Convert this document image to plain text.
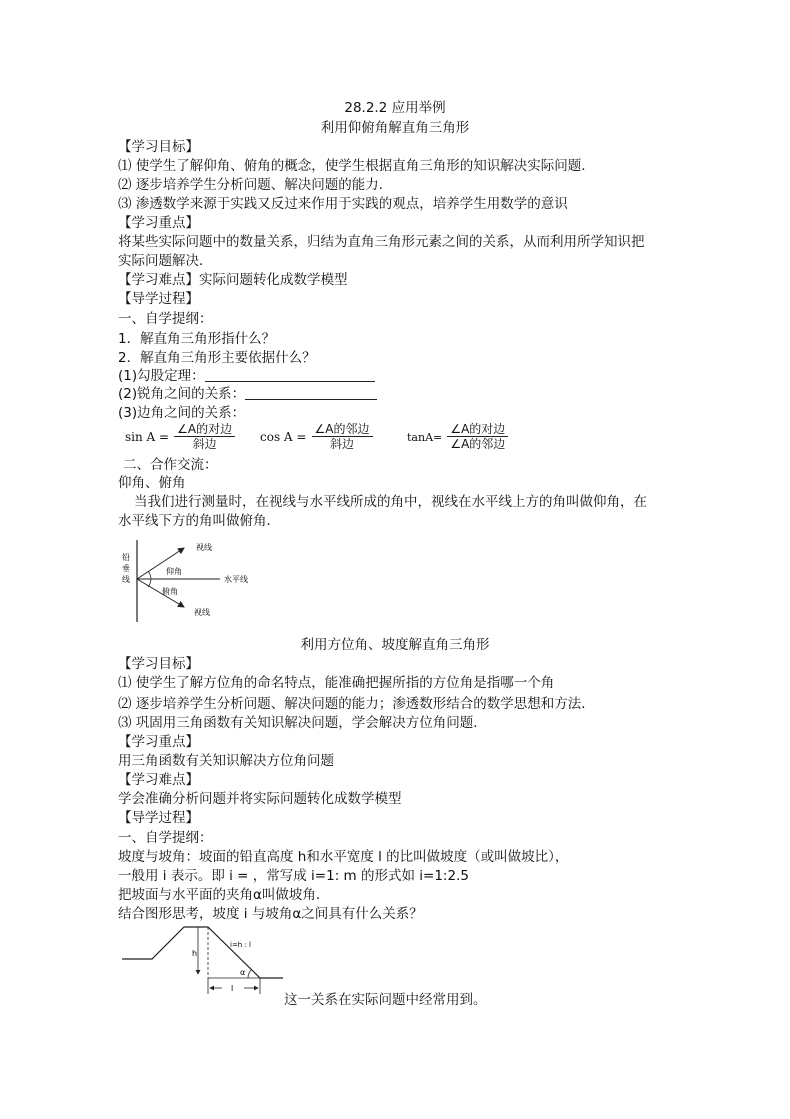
28.2.2 应用举例
利用仰俯角解直角三角形
【学习目标】
⑴ 使学生了解仰角、俯角的概念，使学生根据直角三角形的知识解决实际问题．
⑵ 逐步培养学生分析问题、解决问题的能力．
⑶ 渗透数学来源于实践又反过来作用于实践的观点，培养学生用数学的意识
【学习重点】
将某些实际问题中的数量关系，归结为直角三角形元素之间的关系，从而利用所学知识把
实际问题解决．
【学习难点】实际问题转化成数学模型
【导学过程】
一、自学提纲：
1．解直角三角形指什么？
2．解直角三角形主要依据什么？
(1)勾股定理：
(2)锐角之间的关系：
(3)边角之间的关系：
$\sin A = \frac{\text{∠A的对边}}{\text{斜边}}$ $\cos A = \frac{\text{∠A的邻边}}{\text{斜边}}$	$\tan A= \frac{\text{∠A的对边}}{\text{∠A的邻边}}$
二、合作交流：
仰角、俯角
当我们进行测量时，在视线与水平线所成的角中，视线在水平线上方的角叫做仰角，在
水平线下方的角叫做俯角．
铅
垂
线
视线
仰角
水平线
俯角
视线
利用方位角、坡度解直角三角形
【学习目标】
⑴ 使学生了解方位角的命名特点，能准确把握所指的方位角是指哪一个角
⑵ 逐步培养学生分析问题、解决问题的能力；渗透数形结合的数学思想和方法．
⑶ 巩固用三角函数有关知识解决问题，学会解决方位角问题．
【学习重点】
用三角函数有关知识解决方位角问题
【学习难点】
学会准确分析问题并将实际问题转化成数学模型
【导学过程】
一、自学提纲：
坡度与坡角：坡面的铅直高度 h和水平宽度 l 的比叫做坡度（或叫做坡比），
一般用 i 表示。即 i = ，常写成 i=1: m 的形式如 i=1:2.5
把坡面与水平面的夹角α叫做坡角．
结合图形思考，坡度 i 与坡角α之间具有什么关系？
i=h : l
h
α
l
这一关系在实际问题中经常用到。
